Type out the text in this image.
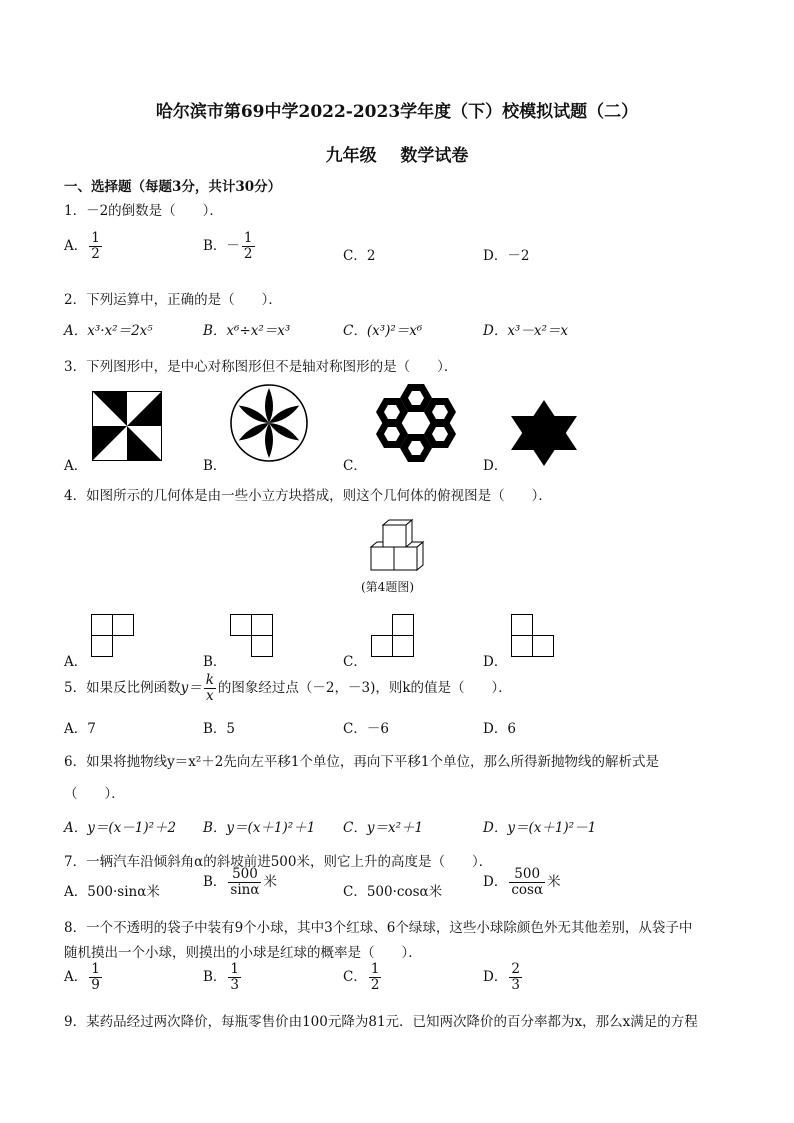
哈尔滨市第69中学2022-2023学年度（下）校模拟试题（二）
九年级    数学试卷
一、选择题（每题3分，共计30分）
1．－2的倒数是（　　）．
A． $\frac{1}{2}$	B．－ $\frac{1}{2}$	C．2	D．－2
2．下列运算中，正确的是（　　）．
A．x³·x²＝2x⁵	B．x⁶÷x²＝x³	C．(x³)²＝x⁶	D．x³－x²＝x
3．下列图形中，是中心对称图形但不是轴对称图形的是（　　）．
A．	B．	C．	D．
4．如图所示的几何体是由一些小立方块搭成，则这个几何体的俯视图是（　　）．
(第4题图)
A．	B．	C．	D．
5．如果反比例函数$y= \frac{k}{x}$ 的图象经过点（－2，－3)，则k的值是（　　）．
A．7	B．5	C．－6	D．6
6．如果将抛物线y＝x²＋2先向左平移1个单位，再向下平移1个单位，那么所得新抛物线的解析式是
（　　）．
A．y＝(x－1)²＋2 B．y＝(x＋1)²＋1 C．y＝x²＋1	D．y＝(x＋1)²－1
7．一辆汽车沿倾斜角α的斜坡前进500米，则它上升的高度是（　　）．
A．500·sinα米
B． $\frac{500}{\sin\alpha}$ 米
C．500·cosα米
D． $\frac{500}{\cos\alpha}$ 米
8．一个不透明的袋子中装有9个小球，其中3个红球、6个绿球，这些小球除颜色外无其他差别，从袋子中
随机摸出一个小球，则摸出的小球是红球的概率是（　　）．
A． $\frac{1}{9}$	B． $\frac{1}{3}$	C． $\frac{1}{2}$	D． $\frac{2}{3}$
9．某药品经过两次降价，每瓶零售价由100元降为81元．已知两次降价的百分率都为x，那么x满足的方程
